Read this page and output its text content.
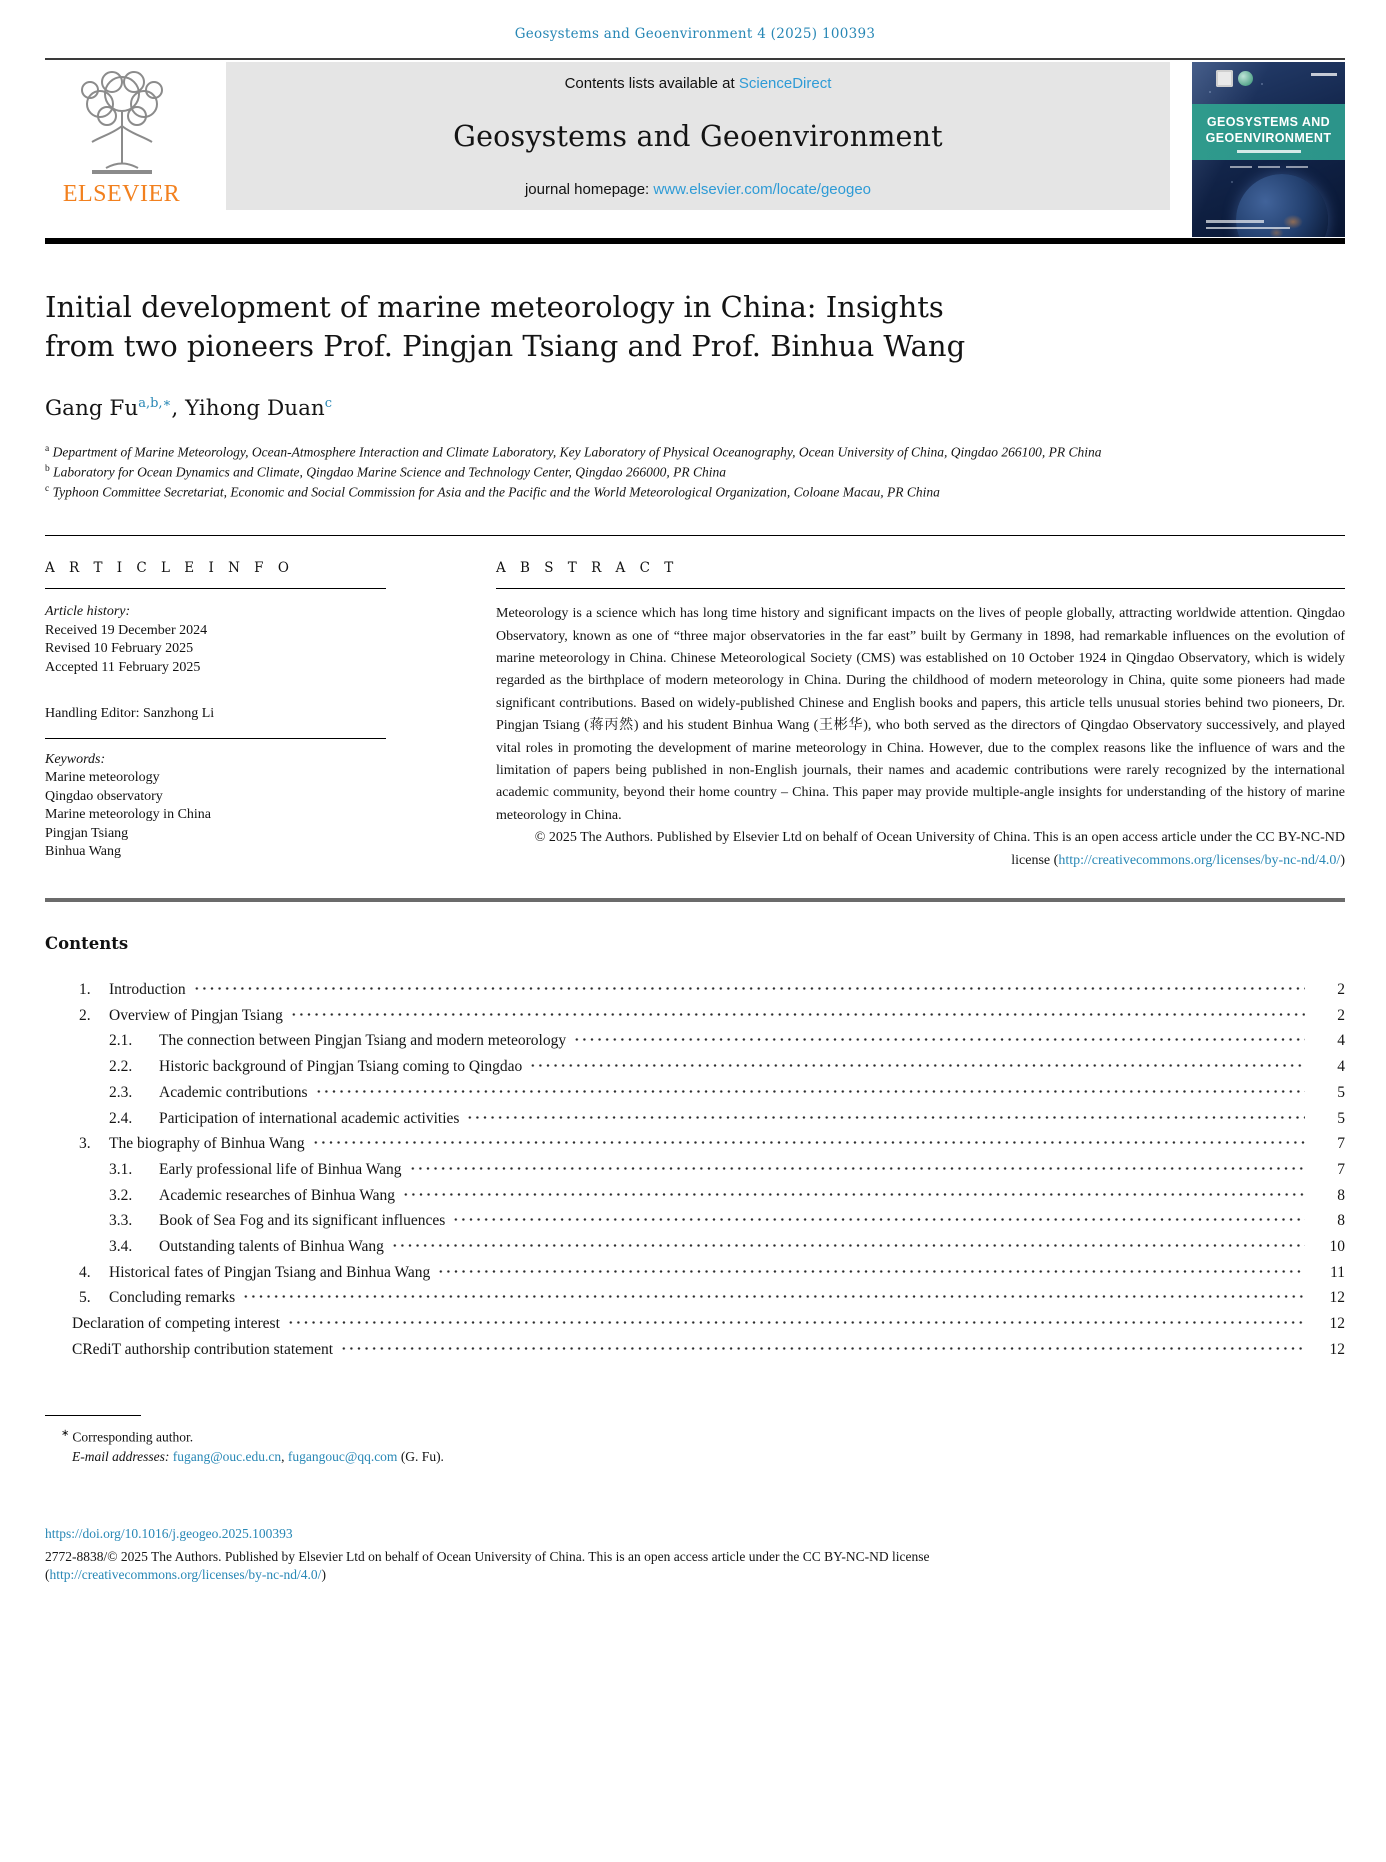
Geosystems and Geoenvironment 4 (2025) 100393
ELSEVIER
Contents lists available at ScienceDirect
Geosystems and Geoenvironment
journal homepage: www.elsevier.com/locate/geogeo
GEOSYSTEMS AND
GEOENVIRONMENT
Initial development of marine meteorology in China: Insights from two pioneers Prof. Pingjan Tsiang and Prof. Binhua Wang
Gang $Fu^{a,b,∗}$, Yihong Duan$^c$
$^a$ Department of Marine Meteorology, Ocean-Atmosphere Interaction and Climate Laboratory, Key Laboratory of Physical Oceanography, Ocean University of China, Qingdao 266100, PR China
$^b$ Laboratory for Ocean Dynamics and Climate, Qingdao Marine Science and Technology Center, Qingdao 266000, PR China
$^c$ Typhoon Committee Secretariat, Economic and Social Commission for Asia and the Pacific and the World Meteorological Organization, Coloane Macau, PR China
A R T I C L E I N F O
Article history:
Received 19 December 2024
Revised 10 February 2025
Accepted 11 February 2025
Handling Editor: Sanzhong Li
Keywords:
Marine meteorology
Qingdao observatory
Marine meteorology in China
Pingjan Tsiang
Binhua Wang
A B S T R A C T
Meteorology is a science which has long time history and significant impacts on the lives of people globally, attracting worldwide attention. Qingdao Observatory, known as one of “three major observatories in the far east” built by Germany in 1898, had remarkable influences on the evolution of marine meteorology in China. Chinese Meteorological Society (CMS) was established on 10 October 1924 in Qingdao Observatory, which is widely regarded as the birthplace of modern meteorology in China. During the childhood of modern meteorology in China, quite some pioneers had made significant contributions. Based on widely-published Chinese and English books and papers, this article tells unusual stories behind two pioneers, Dr. Pingjan Tsiang (蒋丙然) and his student Binhua Wang (王彬华), who both served as the directors of Qingdao Observatory successively, and played vital roles in promoting the development of marine meteorology in China. However, due to the complex reasons like the influence of wars and the limitation of papers being published in non-English journals, their names and academic contributions were rarely recognized by the international academic community, beyond their home country – China. This paper may provide multiple-angle insights for understanding of the history of marine meteorology in China.
© 2025 The Authors. Published by Elsevier Ltd on behalf of Ocean University of China. This is an open access article under the CC BY-NC-ND license (http://creativecommons.org/licenses/by-nc-nd/4.0/)
Contents
1.	Introduction	2
2.	Overview of Pingjan Tsiang	2
2.1.	The connection between Pingjan Tsiang and modern meteorology	4
2.2.	Historic background of Pingjan Tsiang coming to Qingdao	4
2.3.	Academic contributions	5
2.4.	Participation of international academic activities	5
3.	The biography of Binhua Wang	7
3.1.	Early professional life of Binhua Wang	7
3.2.	Academic researches of Binhua Wang	8
3.3.	Book of Sea Fog and its significant influences	8
3.4.	Outstanding talents of Binhua Wang	10
4.	Historical fates of Pingjan Tsiang and Binhua Wang	11
5.	Concluding remarks	12
Declaration of competing interest	12
CRediT authorship contribution statement	12
∗ Corresponding author.
E-mail addresses: fugang@ouc.edu.cn, fugangouc@qq.com (G. Fu).
https://doi.org/10.1016/j.geogeo.2025.100393
2772-8838/© 2025 The Authors. Published by Elsevier Ltd on behalf of Ocean University of China. This is an open access article under the CC BY-NC-ND license
(http://creativecommons.org/licenses/by-nc-nd/4.0/)
